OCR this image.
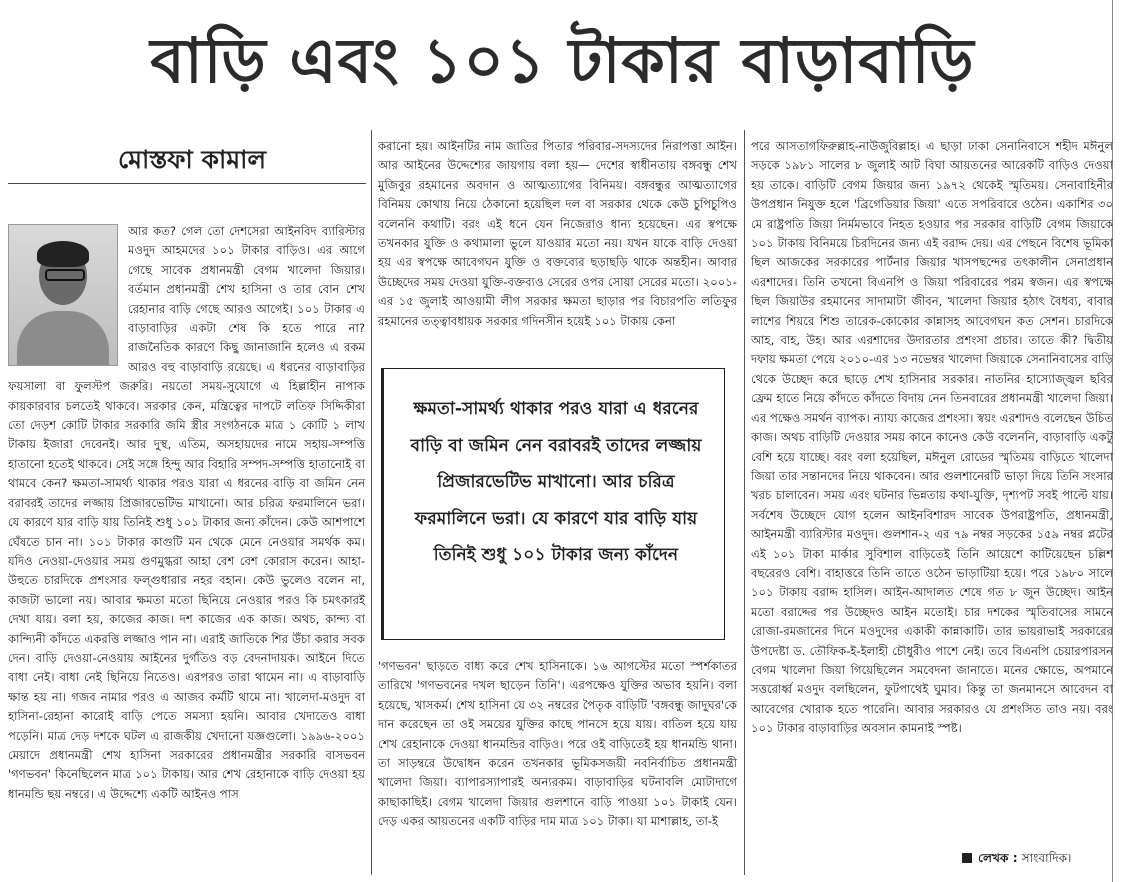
বাড়ি এবং ১০১ টাকার বাড়াবাড়ি
মোস্তফা কামাল

আর কত? গেল তো দেশসেরা আইনবিদ ব্যারিস্টার মওদুদ আহমদের ১০১ টাকার বাড়িও। এর আগে গেছে সাবেক প্রধানমন্ত্রী বেগম খালেদা জিয়ার। বর্তমান প্রধানমন্ত্রী শেখ হাসিনা ও তার বোন শেখ রেহানার বাড়ি গেছে আরও আগেই। ১০১ টাকার এ বাড়াবাড়ির একটা শেষ কি হতে পারে না? রাজনৈতিক কারণে কিছু জানাজানি হলেও এ রকম আরও বহু বাড়াবাড়ি রয়েছে। এ ধরনের বাড়াবাড়ির ফয়সালা বা ফুলস্টপ জরুরি। নয়তো সময়-সুযোগে এ হিল্লাহীন নাপাক কায়কারবার চলতেই থাকবে। সরকার কেন, মন্ত্রিত্বের দাপটে লতিফ সিদ্দিকীরা তো দেড়শ কোটি টাকার সরকারি জমি স্ত্রীর সংগঠনকে মাত্র ১ কোটি ১ লাখ টাকায় ইজারা দেবেনই। আর দুস্থ, এতিম, অসহায়দের নামে সহায়-সম্পত্তি হাতানো হতেই থাকবে। সেই সঙ্গে হিন্দু আর বিহারি সম্পদ-সম্পত্তি হাতানোই বা থামবে কেন? ক্ষমতা-সামর্থ্য থাকার পরও যারা এ ধরনের বাড়ি বা জমিন নেন বরাবরই তাদের লজ্জায় প্রিজারভেটিভ মাখানো। আর চরিত্র ফরমালিনে ভরা। যে কারণে যার বাড়ি যায় তিনিই শুধু ১০১ টাকার জন্য কাঁদেন। কেউ আশপাশে ঘেঁষতে চান না। ১০১ টাকার কাগুটি মন থেকে মেনে নেওয়ার সমর্থক কম। যদিও নেওয়া-দেওয়ার সময় গুণমুগ্ধরা আহা বেশ বেশ কোরাস করেন। আহা-উহুতে চারদিকে প্রশংসার ফল্গুধারার নহর বহান। কেউ ভুলেও বলেন না, কাজটা ভালো নয়। আবার ক্ষমতা মতো ছিনিয়ে নেওয়ার পরও কি চমৎকারই দেখা যায়। বলা হয়, কাজের কাজ। দশ কাজের এক কাজ। অথচ, কান্দ্য বা কান্দ্যিনী কাঁদতে একরত্তি লজ্জাও পান না। এরাই জাতিকে শির উঁচা করার সবক দেন। বাড়ি দেওয়া-নেওয়ায় আইনের দুর্গতিও বড় বেদনাদায়ক। আইনে দিতে বাধা নেই। বাধা নেই ছিনিয়ে নিতেও। এরপরও তারা থামেন না। এ বাড়াবাড়ি ক্ষান্ত হয় না। গজব নামার পরও এ আজব কর্মটি থামে না। খালেদা-মওদুদ বা হাসিনা-রেহানা কারোই বাড়ি পেতে সমস্যা হয়নি। আবার খেদাতেও বাধা পড়েনি। মাত্র দেড় দশকে ঘটল এ রাজকীয় খেদানো যজ্ঞগুলো। ১৯৯৬-২০০১ মেয়াদে প্রধানমন্ত্রী শেখ হাসিনা সরকারের প্রধানমন্ত্রীর সরকারি বাসভবন 'গণভবন' কিনেছিলেন মাত্র ১০১ টাকায়। আর শেখ রেহানাকে বাড়ি দেওয়া হয় ধানমন্ডি ছয় নম্বরে। এ উদ্দেশ্যে একটি আইনও পাস

করানো হয়। আইনটির নাম জাতির পিতার পরিবার-সদস্যদের নিরাপত্তা আইন। আর আইনের উদ্দেশ্যের জায়গায় বলা হয়— দেশের স্বাধীনতায় বঙ্গবন্ধু শেখ মুজিবুর রহমানের অবদান ও আত্মত্যাগের বিনিময়। বঙ্গবন্ধুর আত্মত্যাগের বিনিময় কোথায় নিয়ে ঠেকানো হয়েছিল দল বা সরকার থেকে কেউ চুপিচুপিও বলেননি কথাটি। বরং এই ধনে যেন নিজেরাও ধান্য হয়েছেন। এর স্বপক্ষে তখনকার যুক্তি ও কথামালা ভুলে যাওয়ার মতো নয়। যখন যাকে বাড়ি দেওয়া হয় এর স্বপক্ষে আবেগঘন যুক্তি ও বক্তব্যের ছড়াছড়ি থাকে অন্তহীন। আবার উচ্ছেদের সময় দেওয়া যুক্তি-বক্তব্যও সেরের ওপর সোয়া সেরের মতো। ২০০১-এর ১৫ জুলাই আওয়ামী লীগ সরকার ক্ষমতা ছাড়ার পর বিচারপতি লতিফুর রহমানের তত্ত্বাবধায়ক সরকার গদিনসীন হয়েই ১০১ টাকায় কেনা

ক্ষমতা-সামর্থ্য থাকার পরও যারা এ ধরনের বাড়ি বা জমিন নেন বরাবরই তাদের লজ্জায় প্রিজারভেটিভ মাখানো। আর চরিত্র ফরমালিনে ভরা। যে কারণে যার বাড়ি যায় তিনিই শুধু ১০১ টাকার জন্য কাঁদেন

'গণভবন' ছাড়তে বাধ্য করে শেখ হাসিনাকে। ১৬ আগস্টের মতো স্পর্শকাতর তারিখে 'গণভবনের দখল ছাড়েন তিনি'। এরপক্ষেও যুক্তির অভাব হয়নি। বলা হয়েছে, খাসকর্ম। শেখ হাসিনা যে ৩২ নম্বরের পৈতৃক বাড়িটি 'বঙ্গবন্ধু জাদুঘর'কে দান করেছেন তা ওই সময়ের যুক্তির কাছে পানসে হয়ে যায়। বাতিল হয়ে যায় শেখ রেহানাকে দেওয়া ধানমন্ডির বাড়িও। পরে ওই বাড়িতেই হয় ধানমন্ডি থানা। তা সাড়ম্বরে উদ্বোধন করেন তখনকার ভূমিকসজয়ী নবনির্বাচিত প্রধানমন্ত্রী খালেদা জিয়া। ব্যাপারস্যাপারই অন্যরকম। বাড়াবাড়ির ঘটনাবলি মোটাদাগে কাছাকাছিই। বেগম খালেদা জিয়ার গুলশানে বাড়ি পাওয়া ১০১ টাকাই যেন। দেড় একর আয়তনের একটি বাড়ির দাম মাত্র ১০১ টাকা। যা মাশাল্লাহ, তা-ই

পরে আসতাগফিরুল্লাহ-নাউজুবিল্লাহ। এ ছাড়া ঢাকা সেনানিবাসে শহীদ মঈনুল সড়কে ১৯৮১ সালের ৮ জুলাই আট বিঘা আয়তনের আরেকটি বাড়িও দেওয়া হয় তাকে। বাড়িটি বেগম জিয়ার জন্য ১৯৭২ থেকেই স্মৃতিময়। সেনাবাহিনীর উপপ্রধান নিযুক্ত হলে 'ব্রিগেডিয়ার জিয়া' এতে সপরিবারে ওঠেন। একাশির ৩০ মে রাষ্ট্রপতি জিয়া নির্মমভাবে নিহত হওয়ার পর সরকার বাড়িটি বেগম জিয়াকে ১০১ টাকায় বিনিময়ে চিরদিনের জন্য এই বরাদ্দ দেয়। এর পেছনে বিশেষ ভূমিকা ছিল আজকের সরকারের পার্টনার জিয়ার খাসপছন্দের তৎকালীন সেনাপ্রধান এরশাদের। তিনি তখনো বিএনপি ও জিয়া পরিবারের পরম স্বজন। এর স্বপক্ষে ছিল জিয়াউর রহমানের সাদামাটা জীবন, খালেদা জিয়ার হঠাৎ বৈধব্য, বাবার লাশের শিয়রে শিশু তারেক-কোকোর কান্নাসহ আবেগঘন কত সেশন। চারদিকে আহ, বাহ, উহ। আর এরশাদের উদারতার প্রশংসা প্রচার। তাতে কী? দ্বিতীয় দফায় ক্ষমতা পেয়ে ২০১০-এর ১৩ নভেম্বর খালেদা জিয়াকে সেনানিবাসের বাড়ি থেকে উচ্ছেদ করে ছাড়ে শেখ হাসিনার সরকার। নাতনির হাস্যোজ্জ্বল ছবির ফ্রেম হাতে নিয়ে কাঁদতে কাঁদতে বিদায় নেন তিনবারের প্রধানমন্ত্রী খালেদা জিয়া। এর পক্ষেও সমর্থন ব্যাপক। ন্যায্য কাজের প্রশংসা। স্বয়ং এরশাদও বলেছেন উচিত কাজ। অথচ বাড়িটি দেওয়ার সময় কানে কানেও কেউ বলেননি, বাড়াবাড়ি একটু বেশি হয়ে যাচ্ছে। বরং বলা হয়েছিল, মঈনুল রোডের স্মৃতিময় বাড়িতে খালেদা জিয়া তার সন্তানদের নিয়ে থাকবেন। আর গুলশানেরটি ভাড়া দিয়ে তিনি সংসার খরচ চালাবেন। সময় এবং ঘটনার ভিন্নতায় কথা-যুক্তি, দৃশ্যপট সবই পাল্টে যায়। সর্বশেষ উচ্ছেদে যোগ হলেন আইনবিশারদ সাবেক উপরাষ্ট্রপতি, প্রধানমন্ত্রী, আইনমন্ত্রী ব্যারিস্টার মওদুদ। গুলশান-২ এর ৭৯ নম্বর সড়কের ১৫৯ নম্বর প্লটের এই ১০১ টাকা মার্কার সুবিশাল বাড়িতেই তিনি আয়েশে কাটিয়েছেন চল্লিশ বছরেরও বেশি। বাহাত্তরে তিনি তাতে ওঠেন ভাড়াটিয়া হয়ে। পরে ১৯৮০ সালে ১০১ টাকায় বরাদ্দ হাসিল। আইন-আদালত শেষে গত ৮ জুন উচ্ছেদ। আইন মতো বরাদ্দের পর উচ্ছেদও আইন মতোই। চার দশকের স্মৃতিবাসের সামনে রোজা-রমজানের দিনে মওদুদের একাকী কান্নাকাটি। তার ভায়রাভাই সরকারের উপদেষ্টা ড. তৌফিক-ই-ইলাহী চৌধুরীও পাশে নেই। তবে বিএনপি চেয়ারপারসন বেগম খালেদা জিয়া গিয়েছিলেন সমবেদনা জানাতে। মনের ক্ষোভে, অপমানে সত্তরোর্ধ্ব মওদুদ বলছিলেন, ফুটপাথেই ঘুমাব। কিন্তু তা জনমানসে আবেদন বা আবেগের খোরাক হতে পারেনি। আবার সরকারও যে প্রশংসিত তাও নয়। বরং ১০১ টাকার বাড়াবাড়ির অবসান কামনাই স্পষ্ট।

লেখক : সাংবাদিক।
